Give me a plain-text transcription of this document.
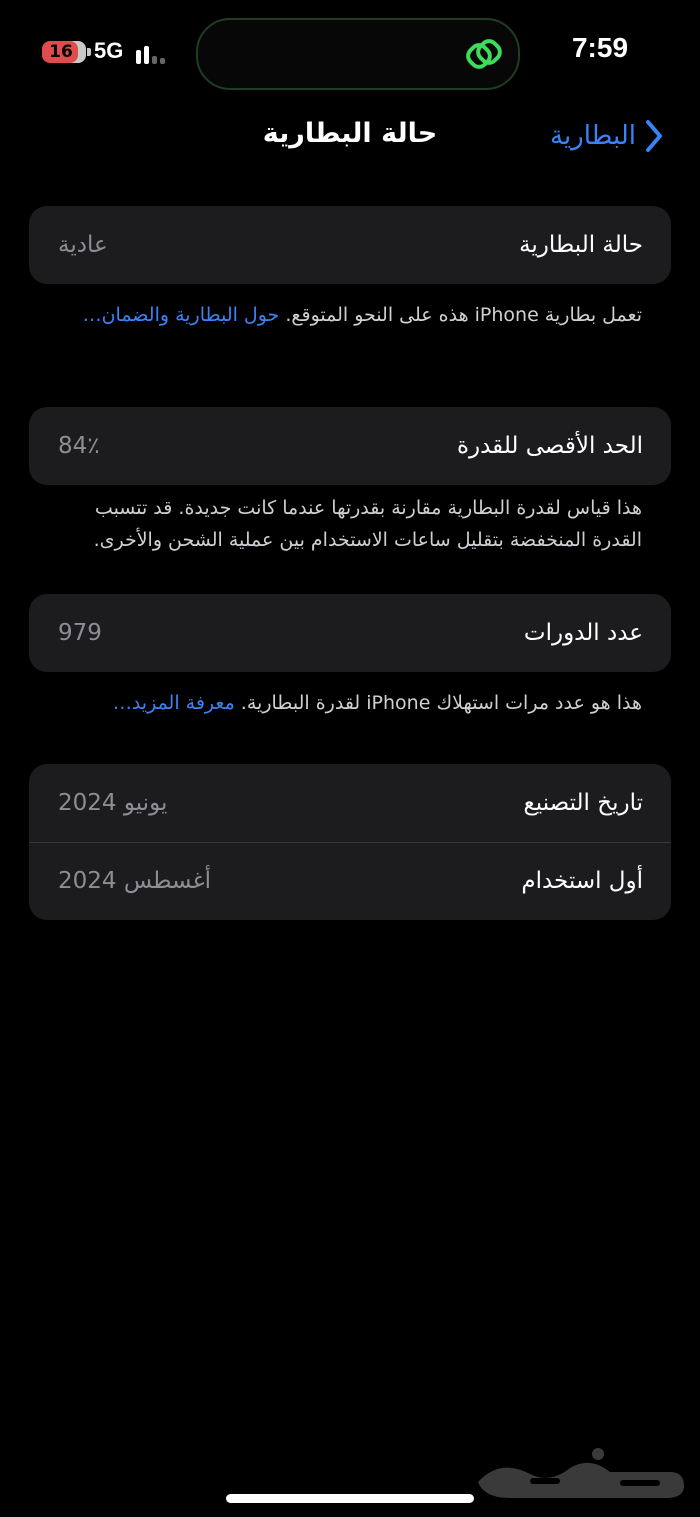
16 5G	7:59
حالة البطارية	البطارية
حالة البطارية
عادية
تعمل بطارية iPhone هذه على النحو المتوقع. حول البطارية والضمان…
الحد الأقصى للقدرة
84٪
هذا قياس لقدرة البطارية مقارنة بقدرتها عندما كانت جديدة. قد تتسبب القدرة المنخفضة بتقليل ساعات الاستخدام بين عملية الشحن والأخرى.
عدد الدورات
979
هذا هو عدد مرات استهلاك iPhone لقدرة البطارية. معرفة المزيد…
تاريخ التصنيع
يونيو 2024
أول استخدام
أغسطس 2024
